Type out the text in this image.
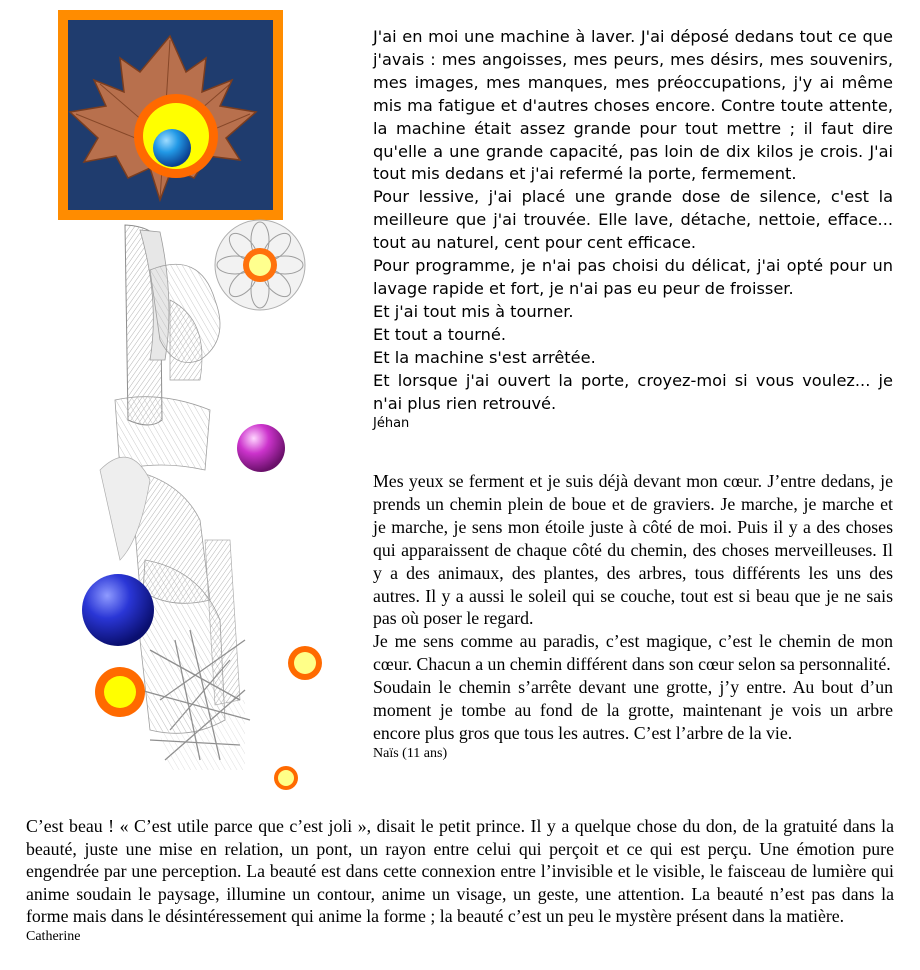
J'ai en moi une machine à laver. J'ai déposé dedans tout ce que j'avais : mes angoisses, mes peurs, mes désirs, mes souvenirs, mes images, mes manques, mes préoccupations, j'y ai même mis ma fatigue et d'autres choses encore. Contre toute attente, la machine était assez grande pour tout mettre ; il faut dire qu'elle a une grande capacité, pas loin de dix kilos je crois. J'ai tout mis dedans et j'ai refermé la porte, fermement.

Pour lessive, j'ai placé une grande dose de silence, c'est la meilleure que j'ai trouvée. Elle lave, détache, nettoie, efface... tout au naturel, cent pour cent efficace.

Pour programme, je n'ai pas choisi du délicat, j'ai opté pour un lavage rapide et fort, je n'ai pas eu peur de froisser.

Et j'ai tout mis à tourner.

Et tout a tourné.

Et la machine s'est arrêtée.

Et lorsque j'ai ouvert la porte, croyez-moi si vous voulez... je n'ai plus rien retrouvé.

Jéhan

Mes yeux se ferment et je suis déjà devant mon cœur. J’entre dedans, je prends un chemin plein de boue et de graviers. Je marche, je marche et je marche, je sens mon étoile juste à côté de moi. Puis il y a des choses qui apparaissent de chaque côté du chemin, des choses merveilleuses. Il y a des animaux, des plantes, des arbres, tous différents les uns des autres. Il y a aussi le soleil qui se couche, tout est si beau que je ne sais pas où poser le regard.

Je me sens comme au paradis, c’est magique, c’est le chemin de mon cœur. Chacun a un chemin différent dans son cœur selon sa personnalité.

Soudain le chemin s’arrête devant une grotte, j’y entre. Au bout d’un moment je tombe au fond de la grotte, maintenant je vois un arbre encore plus gros que tous les autres. C’est l’arbre de la vie.

Naïs (11 ans)

C’est beau ! « C’est utile parce que c’est joli », disait le petit prince. Il y a quelque chose du don, de la gratuité dans la beauté, juste une mise en relation, un pont, un rayon entre celui qui perçoit et ce qui est perçu. Une émotion pure engendrée par une perception. La beauté est dans cette connexion entre l’invisible et le visible, le faisceau de lumière qui anime soudain le paysage, illumine un contour, anime un visage, un geste, une attention. La beauté n’est pas dans la forme mais dans le désintéressement qui anime la forme ; la beauté c’est un peu le mystère présent dans la matière.

Catherine
